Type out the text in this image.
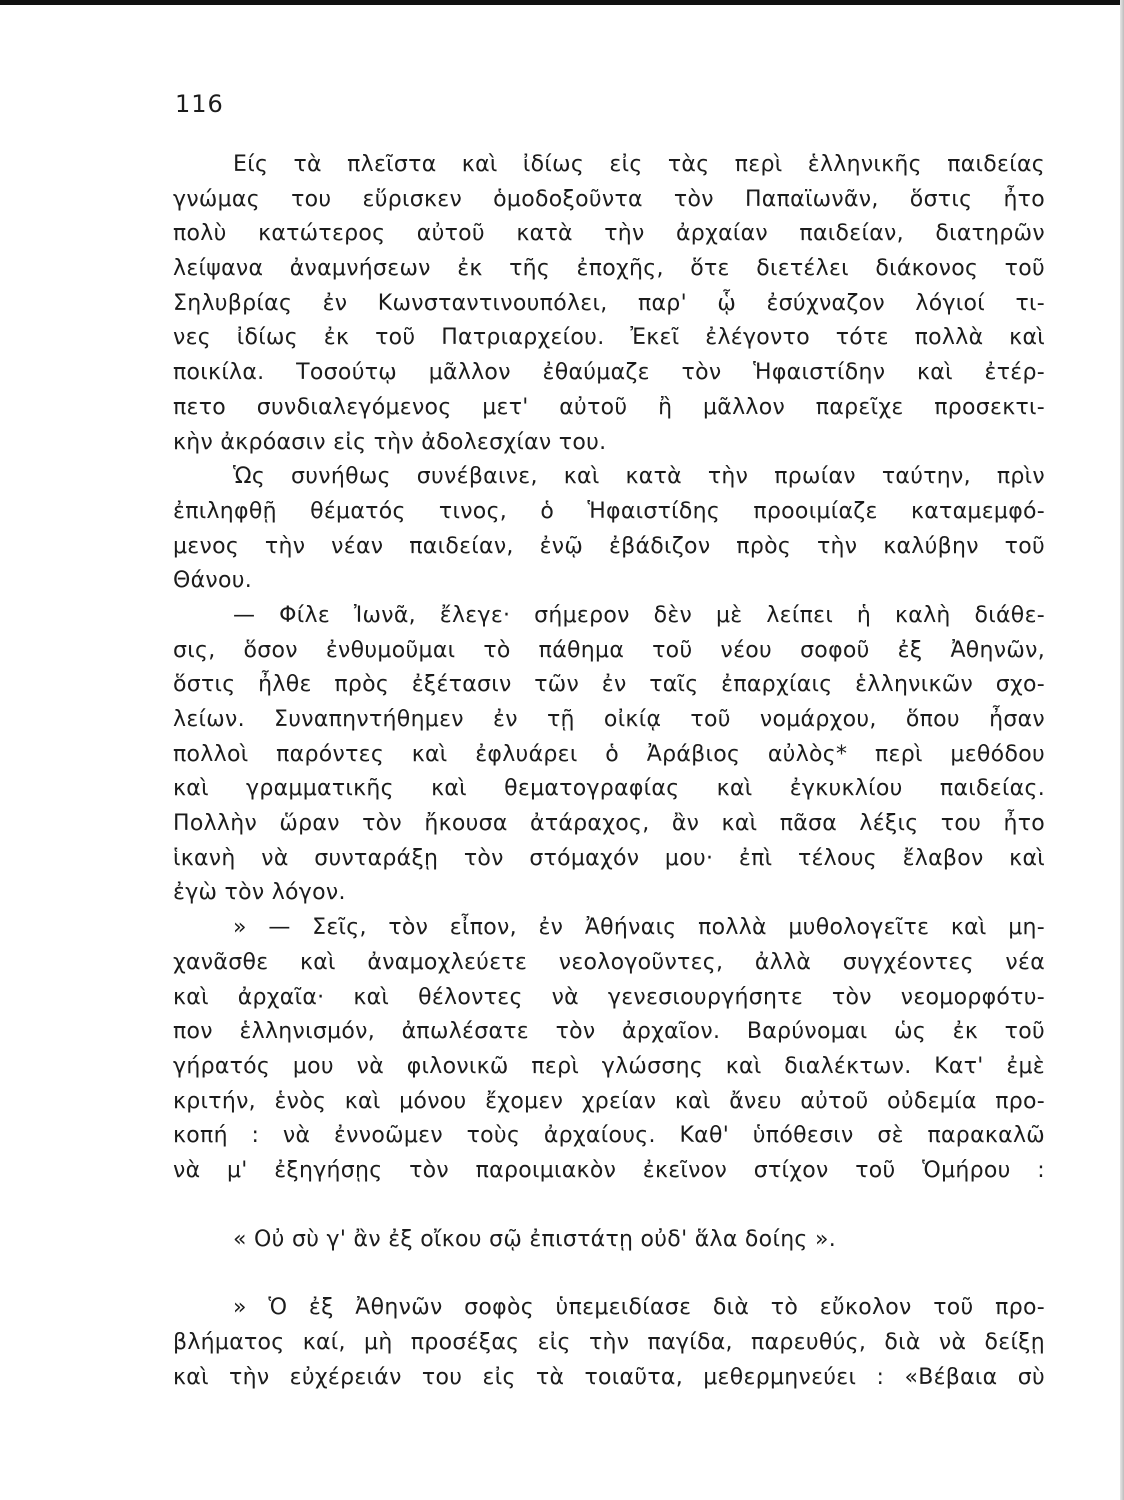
116
Είς τὰ πλεῖστα καὶ ἰδίως εἰς τὰς περὶ ἑλληνικῆς παιδείας
γνώμας του εὕρισκεν ὁμοδοξοῦντα τὸν Παπαϊωνᾶν, ὅστις ἦτο
πολὺ κατώτερος αὐτοῦ κατὰ τὴν ἀρχαίαν παιδείαν, διατηρῶν
λείψανα ἀναμνήσεων ἐκ τῆς ἐποχῆς, ὅτε διετέλει διάκονος τοῦ
Σηλυβρίας ἐν Κωνσταντινουπόλει, παρ' ᾧ ἐσύχναζον λόγιοί τι-
νες ἰδίως ἐκ τοῦ Πατριαρχείου. Ἐκεῖ ἐλέγοντο τότε πολλὰ καὶ
ποικίλα. Τοσούτῳ μᾶλλον ἐθαύμαζε τὸν Ἡφαιστίδην καὶ ἐτέρ-
πετο συνδιαλεγόμενος μετ' αὐτοῦ ἢ μᾶλλον παρεῖχε προσεκτι-
κὴν ἀκρόασιν εἰς τὴν ἀδολεσχίαν του.
Ὡς συνήθως συνέβαινε, καὶ κατὰ τὴν πρωίαν ταύτην, πρὶν
ἐπιληφθῇ θέματός τινος, ὁ Ἡφαιστίδης προοιμίαζε καταμεμφό-
μενος τὴν νέαν παιδείαν, ἐνῷ ἐβάδιζον πρὸς τὴν καλύβην τοῦ
Θάνου.
— Φίλε Ἰωνᾶ, ἔλεγε· σήμερον δὲν μὲ λείπει ἡ καλὴ διάθε-
σις, ὅσον ἐνθυμοῦμαι τὸ πάθημα τοῦ νέου σοφοῦ ἐξ Ἀθηνῶν,
ὅστις ἦλθε πρὸς ἐξέτασιν τῶν ἐν ταῖς ἐπαρχίαις ἑλληνικῶν σχο-
λείων. Συναπηντήθημεν ἐν τῇ οἰκίᾳ τοῦ νομάρχου, ὅπου ἦσαν
πολλοὶ παρόντες καὶ ἐφλυάρει ὁ Ἀράβιος αὐλὸς* περὶ μεθόδου
καὶ γραμματικῆς καὶ θεματογραφίας καὶ ἐγκυκλίου παιδείας.
Πολλὴν ὥραν τὸν ἤκουσα ἀτάραχος, ἂν καὶ πᾶσα λέξις του ἦτο
ἱκανὴ νὰ συνταράξῃ τὸν στόμαχόν μου· ἐπὶ τέλους ἔλαβον καὶ
ἐγὼ τὸν λόγον.
» — Σεῖς, τὸν εἶπον, ἐν Ἀθήναις πολλὰ μυθολογεῖτε καὶ μη-
χανᾶσθε καὶ ἀναμοχλεύετε νεολογοῦντες, ἀλλὰ συγχέοντες νέα
καὶ ἀρχαῖα· καὶ θέλοντες νὰ γενεσιουργήσητε τὸν νεομορφότυ-
πον ἑλληνισμόν, ἀπωλέσατε τὸν ἀρχαῖον. Βαρύνομαι ὡς ἐκ τοῦ
γήρατός μου νὰ φιλονικῶ περὶ γλώσσης καὶ διαλέκτων. Κατ' ἐμὲ
κριτήν, ἑνὸς καὶ μόνου ἔχομεν χρείαν καὶ ἄνευ αὐτοῦ οὐδεμία προ-
κοπή : νὰ ἐννοῶμεν τοὺς ἀρχαίους. Καθ' ὑπόθεσιν σὲ παρακαλῶ
νὰ μ' ἐξηγήσῃς τὸν παροιμιακὸν ἐκεῖνον στίχον τοῦ Ὁμήρου :
« Οὐ σὺ γ' ἂν ἐξ οἴκου σῷ ἐπιστάτῃ οὐδ' ἅλα δοίης ».
» Ὁ ἐξ Ἀθηνῶν σοφὸς ὑπεμειδίασε διὰ τὸ εὔκολον τοῦ προ-
βλήματος καί, μὴ προσέξας εἰς τὴν παγίδα, παρευθύς, διὰ νὰ δείξῃ
καὶ τὴν εὐχέρειάν του εἰς τὰ τοιαῦτα, μεθερμηνεύει : «Βέβαια σὺ
